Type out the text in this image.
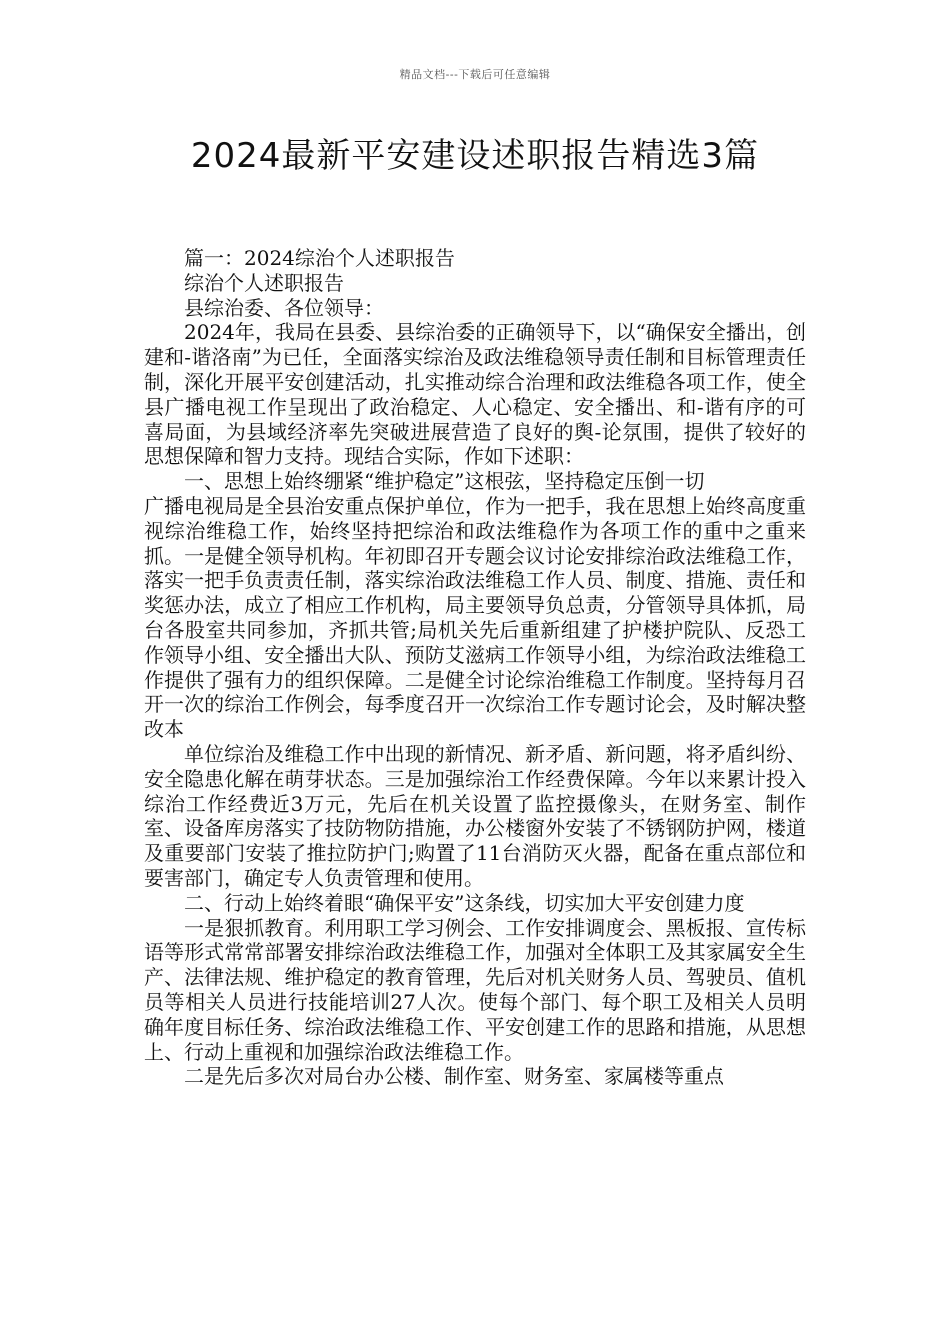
精品文档---下载后可任意编辑
2024最新平安建设述职报告精选3篇

篇一：2024综治个人述职报告

综治个人述职报告

县综治委、各位领导：

2024年，我局在县委、县综治委的正确领导下，以“确保安全播出，创建和-谐洛南”为已任，全面落实综治及政法维稳领导责任制和目标管理责任制，深化开展平安创建活动，扎实推动综合治理和政法维稳各项工作，使全县广播电视工作呈现出了政治稳定、人心稳定、安全播出、和-谐有序的可喜局面，为县域经济率先突破进展营造了良好的舆-论氛围，提供了较好的思想保障和智力支持。现结合实际，作如下述职：

一、思想上始终绷紧“维护稳定”这根弦，坚持稳定压倒一切

广播电视局是全县治安重点保护单位，作为一把手，我在思想上始终高度重视综治维稳工作，始终坚持把综治和政法维稳作为各项工作的重中之重来抓。一是健全领导机构。年初即召开专题会议讨论安排综治政法维稳工作，落实一把手负责责任制，落实综治政法维稳工作人员、制度、措施、责任和奖惩办法，成立了相应工作机构，局主要领导负总责，分管领导具体抓，局台各股室共同参加，齐抓共管;局机关先后重新组建了护楼护院队、反恐工作领导小组、安全播出大队、预防艾滋病工作领导小组，为综治政法维稳工作提供了强有力的组织保障。二是健全讨论综治维稳工作制度。坚持每月召开一次的综治工作例会，每季度召开一次综治工作专题讨论会，及时解决整改本

单位综治及维稳工作中出现的新情况、新矛盾、新问题，将矛盾纠纷、安全隐患化解在萌芽状态。三是加强综治工作经费保障。今年以来累计投入综治工作经费近3万元，先后在机关设置了监控摄像头，在财务室、制作室、设备库房落实了技防物防措施，办公楼窗外安装了不锈钢防护网，楼道及重要部门安装了推拉防护门;购置了11台消防灭火器，配备在重点部位和要害部门，确定专人负责管理和使用。

二、行动上始终着眼“确保平安”这条线，切实加大平安创建力度

一是狠抓教育。利用职工学习例会、工作安排调度会、黑板报、宣传标语等形式常常部署安排综治政法维稳工作，加强对全体职工及其家属安全生产、法律法规、维护稳定的教育管理，先后对机关财务人员、驾驶员、值机员等相关人员进行技能培训27人次。使每个部门、每个职工及相关人员明确年度目标任务、综治政法维稳工作、平安创建工作的思路和措施，从思想上、行动上重视和加强综治政法维稳工作。

二是先后多次对局台办公楼、制作室、财务室、家属楼等重点
